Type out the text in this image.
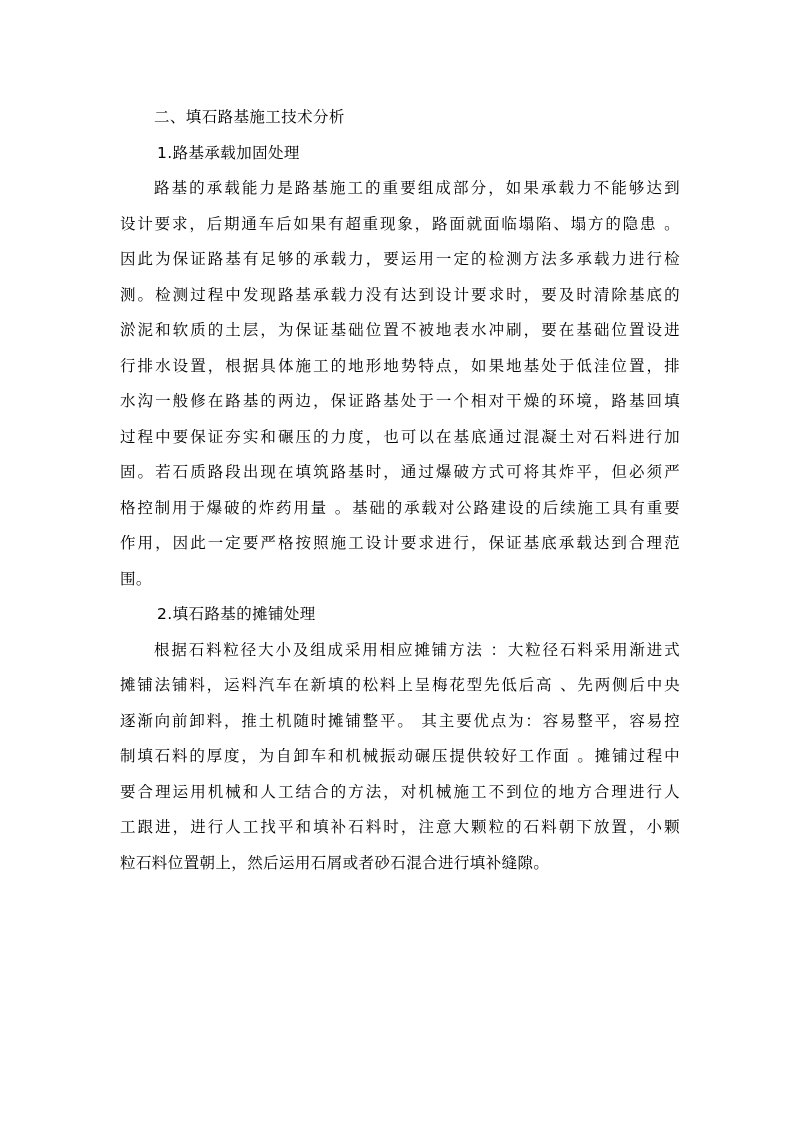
二、填石路基施工技术分析
1.路基承载加固处理
路基的承载能力是路基施工的重要组成部分，如果承载力不能够达到
设计要求，后期通车后如果有超重现象，路面就面临塌陷、塌方的隐患 。
因此为保证路基有足够的承载力，要运用一定的检测方法多承载力进行检
测。检测过程中发现路基承载力没有达到设计要求时，要及时清除基底的
淤泥和软质的土层，为保证基础位置不被地表水冲刷，要在基础位置设进
行排水设置，根据具体施工的地形地势特点，如果地基处于低洼位置，排
水沟一般修在路基的两边，保证路基处于一个相对干燥的环境，路基回填
过程中要保证夯实和碾压的力度，也可以在基底通过混凝土对石料进行加
固。若石质路段出现在填筑路基时，通过爆破方式可将其炸平，但必须严
格控制用于爆破的炸药用量 。基础的承载对公路建设的后续施工具有重要
作用，因此一定要严格按照施工设计要求进行，保证基底承载达到合理范
围。
2.填石路基的摊铺处理
根据石料粒径大小及组成采用相应摊铺方法 ：大粒径石料采用渐进式
摊铺法铺料，运料汽车在新填的松料上呈梅花型先低后高 、先两侧后中央
逐渐向前卸料，推土机随时摊铺整平。 其主要优点为：容易整平，容易控
制填石料的厚度，为自卸车和机械振动碾压提供较好工作面 。摊铺过程中
要合理运用机械和人工结合的方法，对机械施工不到位的地方合理进行人
工跟进，进行人工找平和填补石料时，注意大颗粒的石料朝下放置，小颗
粒石料位置朝上，然后运用石屑或者砂石混合进行填补缝隙。
